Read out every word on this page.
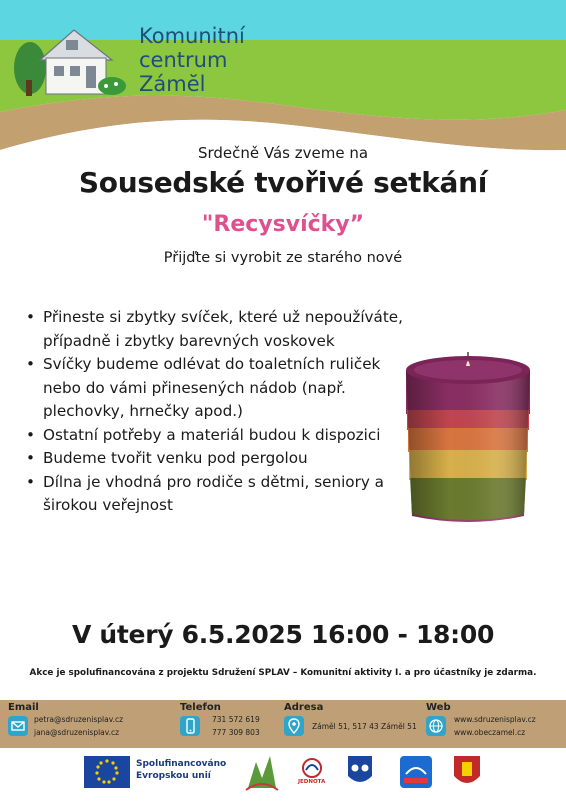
Komunitní
centrum
Zámĕl
Srdečně Vás zveme na
Sousedské tvořivé setkání
"Recysvíčky”
Přijďte si vyrobit ze starého nové
• Přineste si zbytky svíček, které už nepoužíváte, případně i zbytky barevných voskovek
• Svíčky budeme odlévat do toaletních ruliček nebo do vámi přinesených nádob (např. plechovky, hrnečky apod.)
• Ostatní potřeby a materiál budou k dispozici
• Budeme tvořit venku pod pergolou
• Dílna je vhodná pro rodiče s dětmi, seniory a širokou veřejnost
V úterý 6.5.2025 16:00 - 18:00
Akce je spolufinancována z projektu Sdružení SPLAV – Komunitní aktivity I. a pro účastníky je zdarma.
Email
petra@sdruzenisplav.cz
jana@sdruzenisplav.cz
Telefon
731 572 619
777 309 803
Adresa
Zámĕl 51, 517 43 Zámĕl 51
Web
www.sdruzenisplav.cz
www.obeczamel.cz
Spolufinancováno
Evropskou unií
JEDNOTA
